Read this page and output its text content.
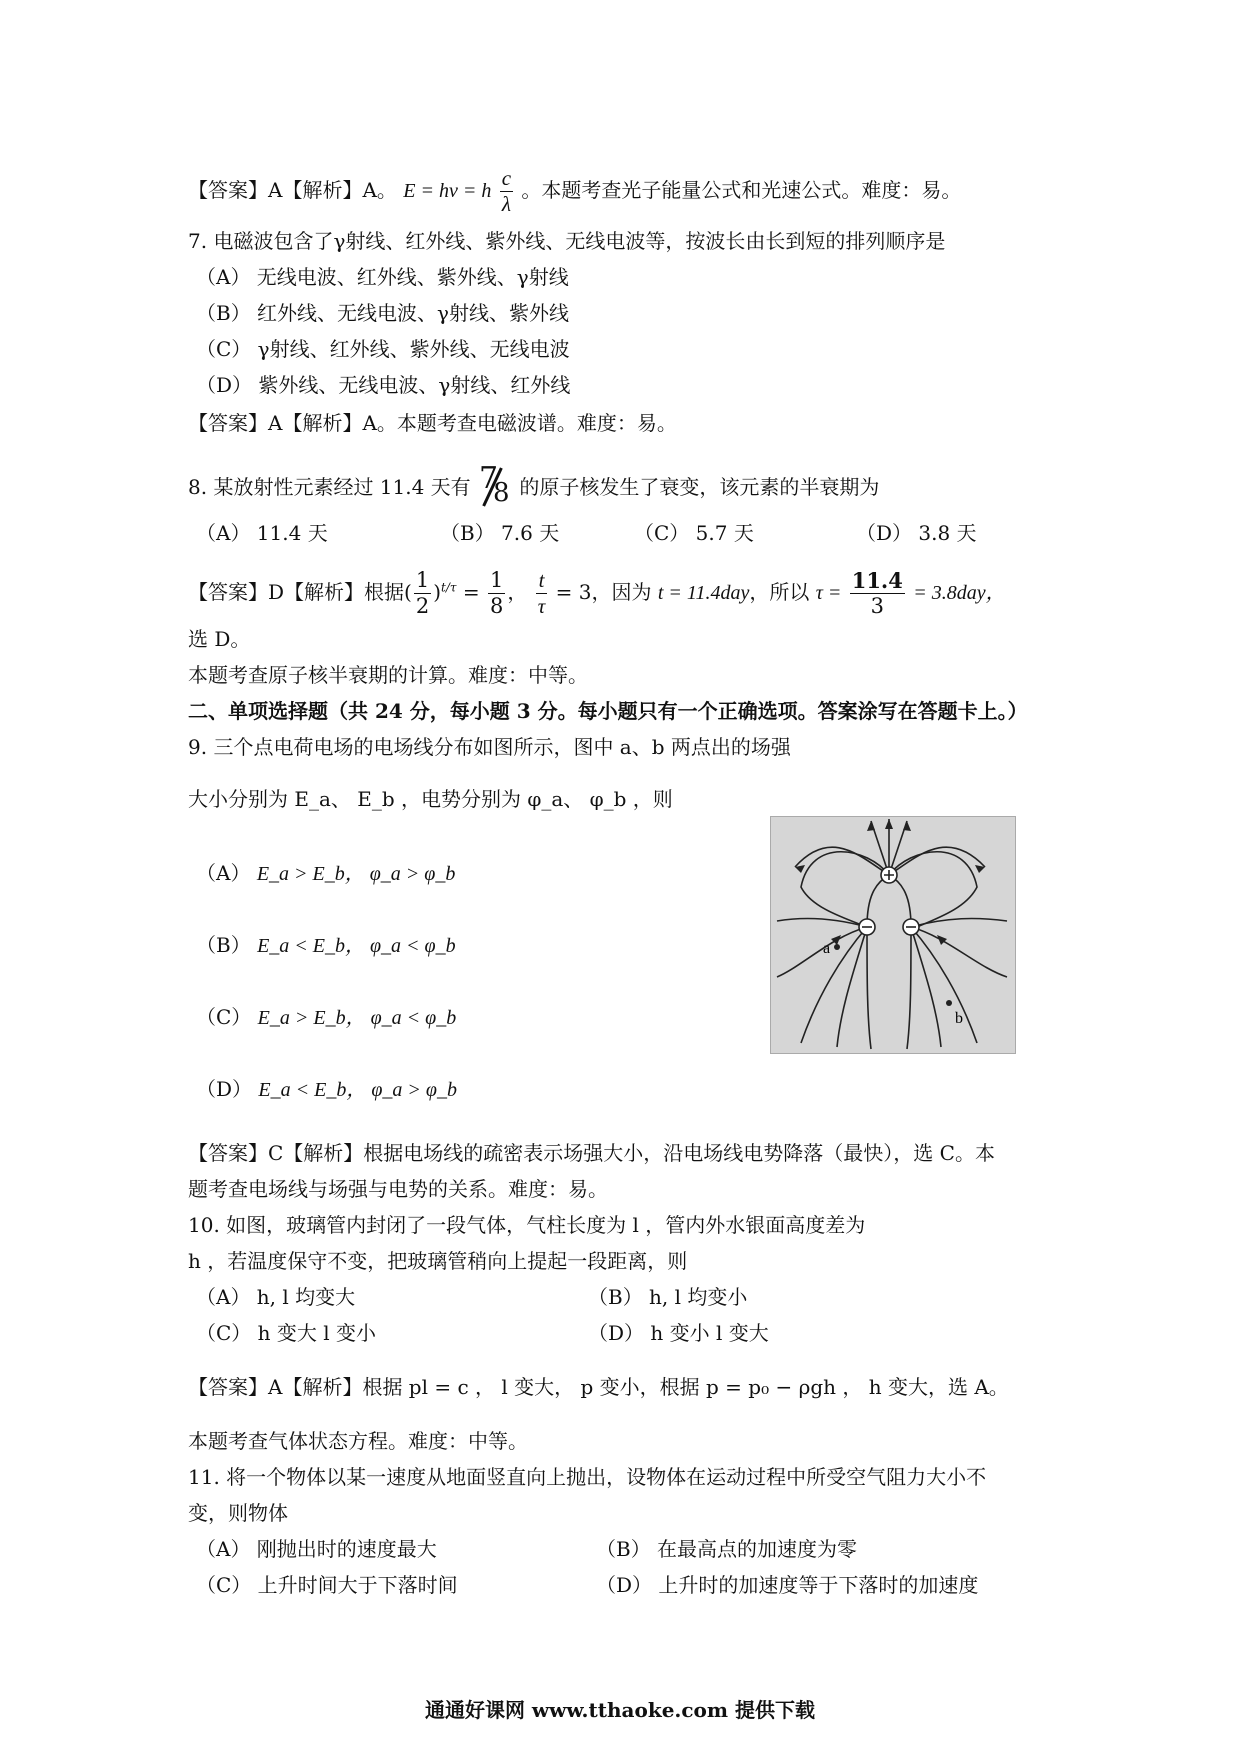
【答案】A【解析】A。 E = hν = h $\frac{c}{\lambda}$ 。本题考查光子能量公式和光速公式。难度：易。
7. 电磁波包含了γ射线、红外线、紫外线、无线电波等，按波长由长到短的排列顺序是
（A） 无线电波、红外线、紫外线、γ射线
（B） 红外线、无线电波、γ射线、紫外线
（C） γ射线、红外线、紫外线、无线电波
（D） 紫外线、无线电波、γ射线、红外线
【答案】A【解析】A。本题考查电磁波谱。难度：易。
8. 某放射性元素经过 11.4 天有 7
8 的原子核发生了衰变，该元素的半衰期为
（A） 11.4 天	（B） 7.6 天	（C） 5.7 天	（D） 3.8 天
【答案】D【解析】根据( $\frac{1}{2} )^{t/\tau} = \frac{1}{8}$ ， $\frac{t}{\tau} = 3$，因为 t = 11.4day，所以 $\tau = \frac{11.4}{3} = 3.8day$，
选 D。
本题考查原子核半衰期的计算。难度：中等。
二、单项选择题（共 24 分，每小题 3 分。每小题只有一个正确选项。答案涂写在答题卡上。）
9. 三个点电荷电场的电场线分布如图所示，图中 a、b 两点出的场强
大小分别为 E_a、 E_b ，电势分别为 φ_a、 φ_b ，则
（A） E_a > E_b， φ_a > φ_b
（B） E_a < E_b， φ_a < φ_b
（C） E_a > E_b， φ_a < φ_b
（D） E_a < E_b， φ_a > φ_b
a
b
【答案】C【解析】根据电场线的疏密表示场强大小，沿电场线电势降落（最快），选 C。本
题考查电场线与场强与电势的关系。难度：易。
10. 如图，玻璃管内封闭了一段气体，气柱长度为 l ，管内外水银面高度差为
h ，若温度保守不变，把玻璃管稍向上提起一段距离，则
（A） h, l 均变大	（B） h, l 均变小
（C） h 变大 l 变小	（D） h 变小 l 变大
【答案】A【解析】根据 pl = c ， l 变大， p 变小，根据 p = p₀ − ρgh ， h 变大，选 A。
本题考查气体状态方程。难度：中等。
11. 将一个物体以某一速度从地面竖直向上抛出，设物体在运动过程中所受空气阻力大小不
变，则物体
（A） 刚抛出时的速度最大	（B） 在最高点的加速度为零
（C） 上升时间大于下落时间	（D） 上升时的加速度等于下落时的加速度
通通好课网 www.tthaoke.com 提供下载
